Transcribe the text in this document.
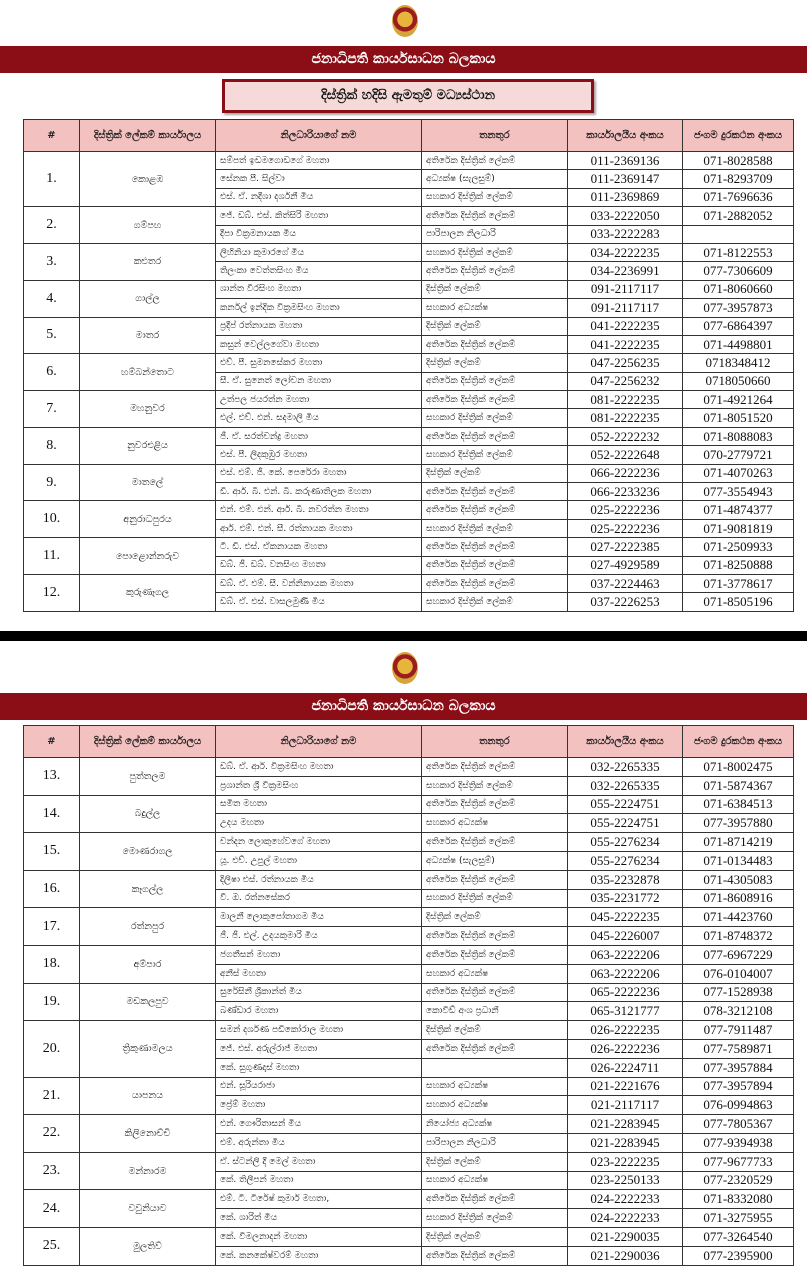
ජනාධිපති කාර්යසාධන බලකාය
දිස්ත්‍රික් හදිසි ඇමතුම් මධ්‍යස්ථාන
#	දිස්ත්‍රික් ලේකම් කාර්යාලය	නිලධාරියාගේ නම	තනතුර	කාර්යාලයීය අංකය	ජංගම දුරකථන අංකය
1.	කොළඹ	සම්පත් ඉඩමගොඩගේ මහතා	අතිරේක දිස්ත්‍රික් ලේකම්	011-2369136	071-8028588
		සේනක පී. සිල්වා	අධ්‍යක්ෂ (සැලසුම්)	011-2369147	071-8293709
		එස්. ඒ. නදීශා දර්ශනී මිය	සහකාර දිස්ත්‍රික් ලේකම්	011-2369869	071-7696636
2.	ගම්පහ	ජේ. ඩබ්. එස්. කිත්සිරි මහතා	අතිරේක දිස්ත්‍රික් ලේකම්	033-2222050	071-2882052
		දීපා වික්‍රමනායක මිය	පාරිපාලන නිලධාරි	033-2222283	
3.	කළුතර	ලිහිනියා කුමාරගේ මිය	සහකාර දිස්ත්‍රික් ලේකම්	034-2222235	071-8122553
		තිලංකා වෙත්තසිංහ මිය	අතිරේක දිස්ත්‍රික් ලේකම්	034-2236991	077-7306609
4.	ගාල්ල	ශාන්ත වීරසිංහ මහතා	දිස්ත්‍රික් ලේකම්	091-2117117	071-8060660
		කර්නල් ඉන්දික වික්‍රමසිංහ මහතා	සහකාර අධ්‍යක්ෂ	091-2117117	077-3957873
5.	මාතර	ප්‍රදීප් රත්නායක මහතා	දිස්ත්‍රික් ලේකම්	041-2222235	077-6864397
		කසුන් වෙල්ලගේවා මහතා	අතිරේක දිස්ත්‍රික් ලේකම්	041-2222235	071-4498801
6.	හම්බන්තොට	එච්. පී. සුමනසේකර මහතා	දිස්ත්‍රික් ලේකම්	047-2256235	0718348412
		සී. ඒ. සුනෙත් ලෝචන මහතා	අතිරේක දිස්ත්‍රික් ලේකම්	047-2256232	0718050660
7.	මහනුවර	උත්පල ජයරත්න මහතා	අතිරේක දිස්ත්‍රික් ලේකම්	081-2222235	071-4921264
		එල්. එච්. එන්. සදමාලි මිය	සහකාර දිස්ත්‍රික් ලේකම්	081-2222235	071-8051520
8.	නුවරඑළිය	ජී. ඒ. සරත්චන්ද්‍ර මහතා	අතිරේක දිස්ත්‍රික් ලේකම්	052-2222232	071-8088083
		එස්. පී. ලිදකුඹුර මහතා	සහකාර දිස්ත්‍රික් ලේකම්	052-2222648	070-2779721
9.	මාතලේ	එස්. එම්. ජී. කේ. පෙරේරා මහතා	දිස්ත්‍රික් ලේකම්	066-2222236	071-4070263
		ඩී. ආර්. බී. එන්. බී. කරුණාතිලක මහතා	අතිරේක දිස්ත්‍රික් ලේකම්	066-2233236	077-3554943
10.	අනුරාධපුරය	එන්. එම්. එන්. ආර්. බී. නවරත්න මහතා	අතිරේක දිස්ත්‍රික් ලේකම්	025-2222236	071-4874377
		ආර්. එම්. එන්. සී. රත්නායක මහතා	සහකාර දිස්ත්‍රික් ලේකම්	025-2222236	071-9081819
11.	පොළොන්නරුව	ටී. ඩී. එස්. ඒකනායක මහතා	අතිරේක දිස්ත්‍රික් ලේකම්	027-2222385	071-2509933
		ඩබ්. ජී. ඩබ්. වනසිංහ මහතා	අතිරේක දිස්ත්‍රික් ලේකම්	027-4929589	071-8250888
12.	කුරුණෑගල	ඩබ්. ඒ. එම්. සී. වන්නිනායක මහතා	අතිරේක දිස්ත්‍රික් ලේකම්	037-2224463	071-3778617
		ඩබ්. ඒ. එස්. වාසලමුණි මිය	සහකාර දිස්ත්‍රික් ලේකම්	037-2226253	071-8505196
ජනාධිපති කාර්යසාධන බලකාය
#	දිස්ත්‍රික් ලේකම් කාර්යාලය	නිලධාරියාගේ නම	තනතුර	කාර්යාලයීය අංකය	ජංගම දුරකථන අංකය
13.	පුත්තලම	ඩබ්. ඒ. ආර්. වික්‍රමසිංහ මහතා	අතිරේක දිස්ත්‍රික් ලේකම්	032-2265335	071-8002475
		ප්‍රශාන්ත ශ්‍රී වික්‍රමසිංහ	සහකාර දිස්ත්‍රික් ලේකම්	032-2265335	071-5874367
14.	බදුල්ල	සමිත මහතා	අතිරේක දිස්ත්‍රික් ලේකම්	055-2224751	071-6384513
		උදය මහතා	සහකාර අධ්‍යක්ෂ	055-2224751	077-3957880
15.	මොණරාගල	චන්දන ලොකුහේවගේ මහතා	අතිරේක දිස්ත්‍රික් ලේකම්	055-2276234	071-8714219
		යූ. එච්. උපුල් මහතා	අධ්‍යක්ෂ (සැලසුම්)	055-2276234	071-0134483
16.	කෑගල්ල	දිලිෂා එස්. රත්නායක මිය	අතිරේක දිස්ත්‍රික් ලේකම්	035-2232878	071-4305083
		වී. ඔ. රත්නසේකර	සහකාර දිස්ත්‍රික් ලේකම්	035-2231772	071-8608916
17.	රත්නපුර	මාලනී ලොකුපෝතාගම මිය	දිස්ත්‍රික් ලේකම්	045-2222235	071-4423760
		ජී. ජී. එල්. උදයකුමාරි මිය	අතිරේක දිස්ත්‍රික් ලේකම්	045-2226007	071-8748372
18.	අම්පාර	ජගතීසන් මහතා	අතිරේක දිස්ත්‍රික් ලේකම්	063-2222206	077-6967229
		අනීස් මහතා	සහකාර අධ්‍යක්ෂ	063-2222206	076-0104007
19.	මඩකලපුව	සුරේසිනී ශ්‍රීකාන්ත් මිය	අතිරේක දිස්ත්‍රික් ලේකම්	065-2222236	077-1528938
		බණ්ඩාර මහතා	කොවිඩ් අංශ ප්‍රධානී	065-3121777	078-3212108
20.	ත්‍රිකුණාමලය	සමන් දර්ශණ පඩිකෝරාල මහතා	දිස්ත්‍රික් ලේකම්	026-2222235	077-7911487
		ජේ. එස්. අරුල්රාජ් මහතා	අතිරේක දිස්ත්‍රික් ලේකම්	026-2222236	077-7589871
		කේ. සුගුණදාස් මහතා		026-2224711	077-3957884
21.	යාපනය	එන්. සූරියරාජා	සහකාර අධ්‍යක්ෂ	021-2221676	077-3957894
		ප්‍රේම් මහතා	සහකාර අධ්‍යක්ෂ	021-2117117	076-0994863
22.	කිලිනොච්චි	එන්. ගෞරිතාසන් මිය	නියෝජ්‍ය අධ්‍යක්ෂ	021-2283945	077-7805367
		එම්. අරුන්තා මිය	පාරිපාලන නිලධාරි	021-2283945	077-9394938
23.	මන්නාරම	ඒ. ස්ටන්ලි දී මෙල් මහතා	දිස්ත්‍රික් ලේකම්	023-2222235	077-9677733
		කේ. තිලීපන් මහතා	සහකාර අධ්‍යක්ෂ	023-2250133	077-2320529
24.	වවුනියාව	එම්. ටී. ටිරේෂ් කුමාර් මහතා,	අතිරේක දිස්ත්‍රික් ලේකම්	024-2222233	071-8332080
		කේ. ශාරිත් මිය	සහකාර දිස්ත්‍රික් ලේකම්	024-2222233	071-3275955
25.	මුලතිව්	කේ. විමලනාදන් මහතා	දිස්ත්‍රික් ලේකම්	021-2290035	077-3264540
		කේ. කනකේෂ්වරම් මහතා	අතිරේක දිස්ත්‍රික් ලේකම්	021-2290036	077-2395900
